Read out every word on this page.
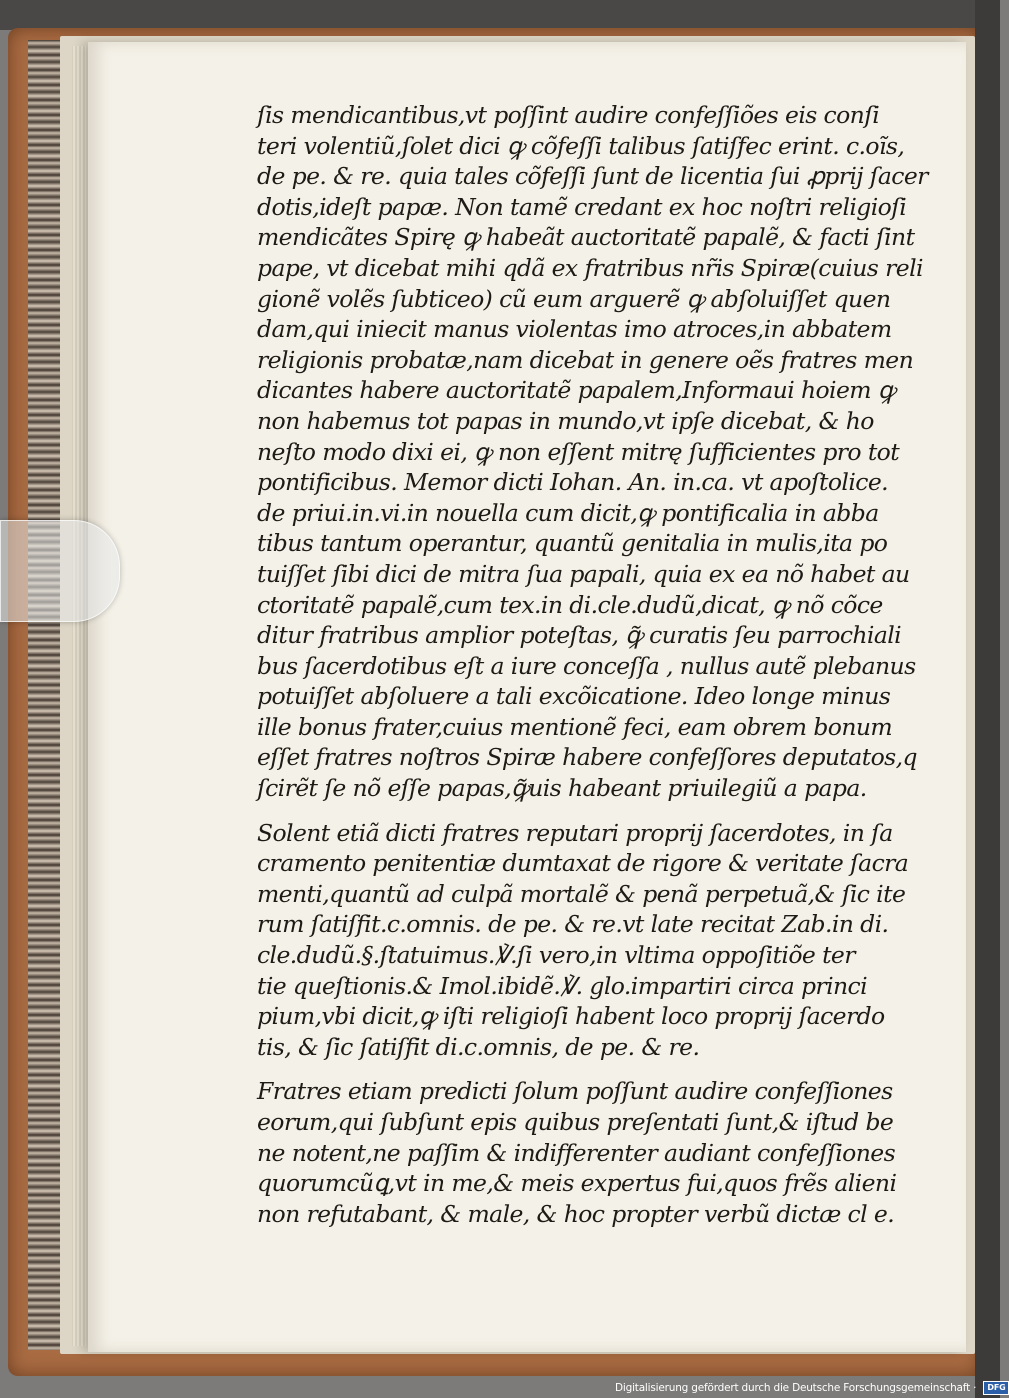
ſis mendicantibus,vt poſſint audire confeſſiões eis conſi
teri volentiũ,ſolet dici ꝙ cõfeſſi talibus ſatiſfec erint. c.oĩs,
de pe. & re. quia tales cõfeſſi ſunt de licentia ſui ꝓprij ſacer
dotis,ideſt papæ. Non tamẽ credant ex hoc noſtri religioſi
mendicãtes Spirę ꝙ habeãt auctoritatẽ papalẽ, & facti ſint
pape, vt dicebat mihi qdã ex fratribus nr̃is Spiræ(cuius reli
gionẽ volẽs ſubticeo) cũ eum arguerẽ ꝙ abſoluiſſet quen
dam,qui iniecit manus violentas imo atroces,in abbatem
religionis probatæ,nam dicebat in genere oẽs fratres men
dicantes habere auctoritatẽ papalem,Informaui hoiem ꝙ
non habemus tot papas in mundo,vt ipſe dicebat, & ho
neſto modo dixi ei, ꝙ non eſſent mitrę ſufficientes pro tot
pontificibus. Memor dicti Iohan. An. in.ca. vt apoſtolice.
de priui.in.vi.in nouella cum dicit,ꝙ pontificalia in abba
tibus tantum operantur, quantũ genitalia in mulis,ita po
tuiſſet ſibi dici de mitra ſua papali, quia ex ea nõ habet au
ctoritatẽ papalẽ,cum tex.in di.cle.dudũ,dicat, ꝙ nõ cõce
ditur fratribus amplior poteſtas, ꝙ̃ curatis ſeu parrochiali
bus ſacerdotibus eſt a iure conceſſa , nullus autẽ plebanus
potuiſſet abſoluere a tali excõicatione. Ideo longe minus
ille bonus frater,cuius mentionẽ feci, eam obrem bonum
eſſet fratres noſtros Spiræ habere confeſſores deputatos,q
ſcirẽt ſe nõ eſſe papas,ꝙ̃uis habeant priuilegiũ a papa.
Solent etiã dicti fratres reputari proprij ſacerdotes, in ſa
cramento penitentiæ dumtaxat de rigore & veritate ſacra
menti,quantũ ad culpã mortalẽ & penã perpetuã,& ſic ite
rum ſatiſfit.c.omnis. de pe. & re.vt late recitat Zab.in di.
cle.dudũ.§.ſtatuimus.℣.ſi vero,in vltima oppoſitiõe ter
tie queſtionis.& Imol.ibidẽ.℣. glo.impartiri circa princi
pium,vbi dicit,ꝙ iſti religioſi habent loco proprij ſacerdo
tis, & ſic ſatiſfit di.c.omnis, de pe. & re.
Fratres etiam predicti ſolum poſſunt audire confeſſiones
eorum,qui ſubſunt epis quibus preſentati ſunt,& iſtud be
ne notent,ne paſſim & indifferenter audiant confeſſiones
quorumcũꝗ,vt in me,& meis expertus fui,quos frẽs alieni
non refutabant, & male, & hoc propter verbũ dictæ cl e.
Digitalisierung gefördert durch die Deutsche Forschungsgemeinschaft · DFG
